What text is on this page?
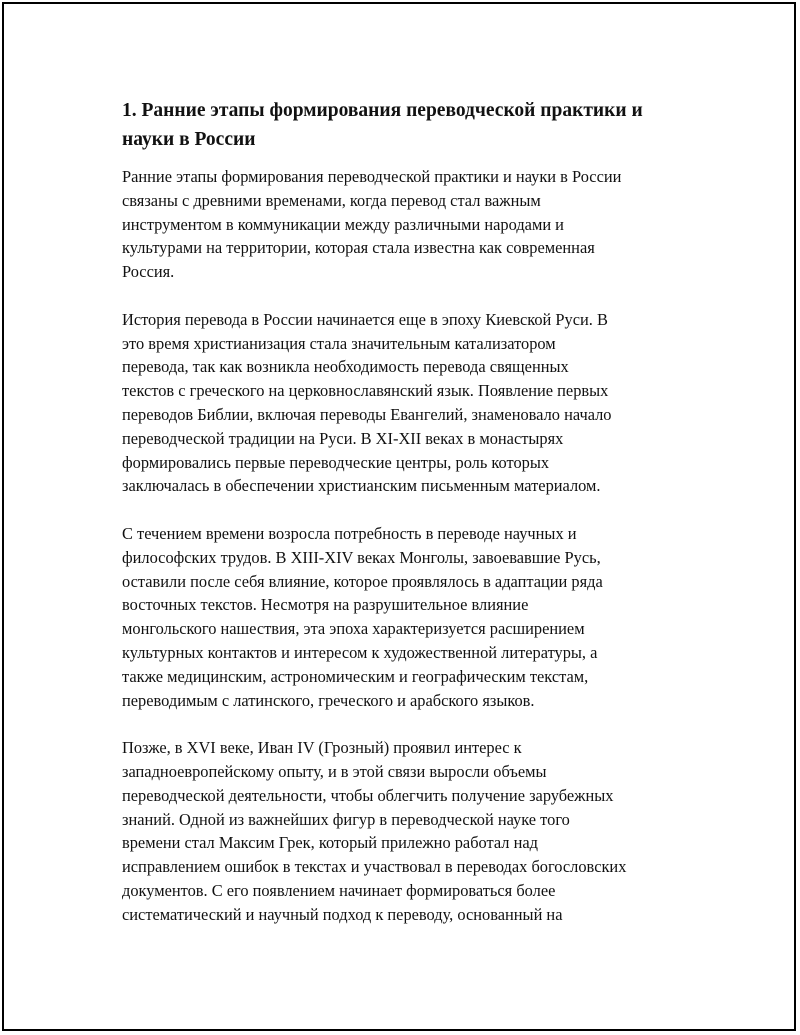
1. Ранние этапы формирования переводческой практики и
науки в России
Ранние этапы формирования переводческой практики и науки в России
связаны с древними временами, когда перевод стал важным
инструментом в коммуникации между различными народами и
культурами на территории, которая стала известна как современная
Россия.
История перевода в России начинается еще в эпоху Киевской Руси. В
это время христианизация стала значительным катализатором
перевода, так как возникла необходимость перевода священных
текстов с греческого на церковнославянский язык. Появление первых
переводов Библии, включая переводы Евангелий, знаменовало начало
переводческой традиции на Руси. В XI-XII веках в монастырях
формировались первые переводческие центры, роль которых
заключалась в обеспечении христианским письменным материалом.
С течением времени возросла потребность в переводе научных и
философских трудов. В XIII-XIV веках Монголы, завоевавшие Русь,
оставили после себя влияние, которое проявлялось в адаптации ряда
восточных текстов. Несмотря на разрушительное влияние
монгольского нашествия, эта эпоха характеризуется расширением
культурных контактов и интересом к художественной литературы, а
также медицинским, астрономическим и географическим текстам,
переводимым с латинского, греческого и арабского языков.
Позже, в XVI веке, Иван IV (Грозный) проявил интерес к
западноевропейскому опыту, и в этой связи выросли объемы
переводческой деятельности, чтобы облегчить получение зарубежных
знаний. Одной из важнейших фигур в переводческой науке того
времени стал Максим Грек, который прилежно работал над
исправлением ошибок в текстах и участвовал в переводах богословских
документов. С его появлением начинает формироваться более
систематический и научный подход к переводу, основанный на
